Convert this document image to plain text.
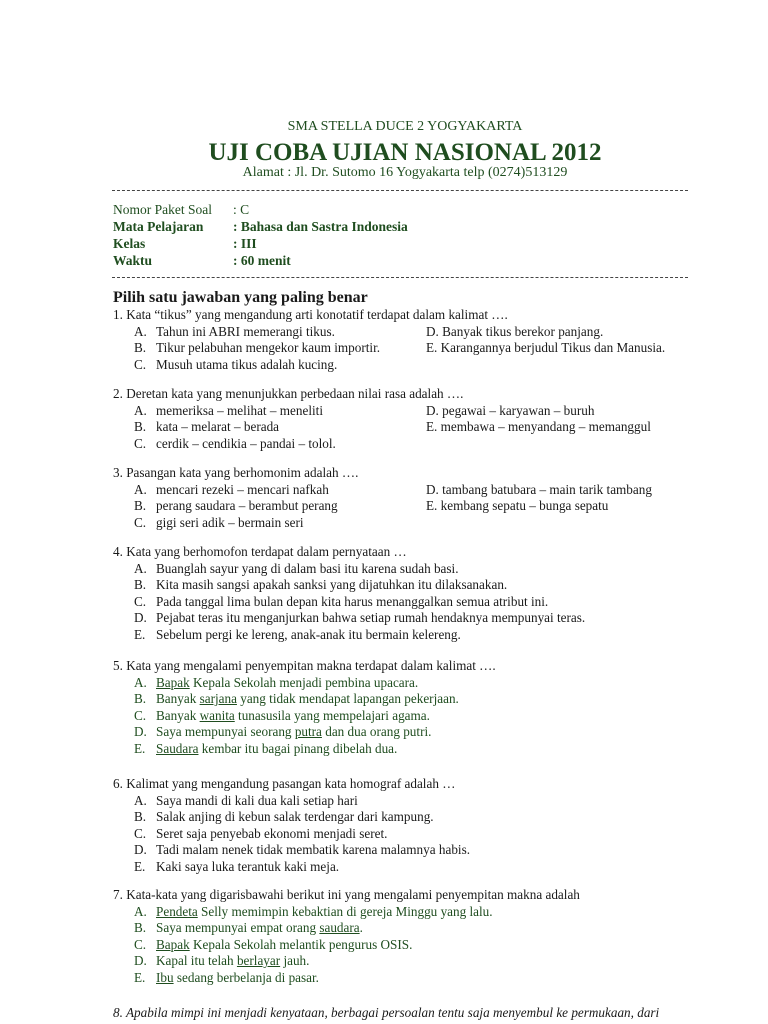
SMA STELLA DUCE 2 YOGYAKARTA
UJI COBA UJIAN NASIONAL 2012
Alamat : Jl. Dr. Sutomo 16 Yogyakarta telp (0274)513129
Nomor Paket Soal	: C
Mata Pelajaran	: Bahasa dan Sastra Indonesia
Kelas	: III
Waktu	: 60 menit
Pilih satu jawaban yang paling benar
1. Kata “tikus” yang mengandung arti konotatif terdapat dalam kalimat ….
A. Tahun ini ABRI memerangi tikus.	D. Banyak tikus berekor panjang.
B. Tikur pelabuhan mengekor kaum importir.	E. Karangannya berjudul Tikus dan Manusia.
C. Musuh utama tikus adalah kucing.
2. Deretan kata yang menunjukkan perbedaan nilai rasa adalah ….
A. memeriksa – melihat – meneliti	D. pegawai – karyawan – buruh
B. kata – melarat – berada	E. membawa – menyandang – memanggul
C. cerdik – cendikia – pandai – tolol.
3. Pasangan kata yang berhomonim adalah ….
A. mencari rezeki – mencari nafkah	D. tambang batubara – main tarik tambang
B. perang saudara – berambut perang	E. kembang sepatu – bunga sepatu
C. gigi seri adik – bermain seri
4. Kata yang berhomofon terdapat dalam pernyataan …
A. Buanglah sayur yang di dalam basi itu karena sudah basi.
B. Kita masih sangsi apakah sanksi yang dijatuhkan itu dilaksanakan.
C. Pada tanggal lima bulan depan kita harus menanggalkan semua atribut ini.
D. Pejabat teras itu menganjurkan bahwa setiap rumah hendaknya mempunyai teras.
E. Sebelum pergi ke lereng, anak-anak itu bermain kelereng.
5. Kata yang mengalami penyempitan makna terdapat dalam kalimat ….
A. Bapak Kepala Sekolah menjadi pembina upacara.
B. Banyak sarjana yang tidak mendapat lapangan pekerjaan.
C. Banyak wanita tunasusila yang mempelajari agama.
D. Saya mempunyai seorang putra dan dua orang putri.
E. Saudara kembar itu bagai pinang dibelah dua.
6. Kalimat yang mengandung pasangan kata homograf adalah …
A. Saya mandi di kali dua kali setiap hari
B. Salak anjing di kebun salak terdengar dari kampung.
C. Seret saja penyebab ekonomi menjadi seret.
D. Tadi malam nenek tidak membatik karena malamnya habis.
E. Kaki saya luka terantuk kaki meja.
7. Kata-kata yang digarisbawahi berikut ini yang mengalami penyempitan makna adalah
A. Pendeta Selly memimpin kebaktian di gereja Minggu yang lalu.
B. Saya mempunyai empat orang saudara.
C. Bapak Kepala Sekolah melantik pengurus OSIS.
D. Kapal itu telah berlayar jauh.
E. Ibu sedang berbelanja di pasar.
8. Apabila mimpi ini menjadi kenyataan, berbagai persoalan tentu saja menyembul ke permukaan, dari
